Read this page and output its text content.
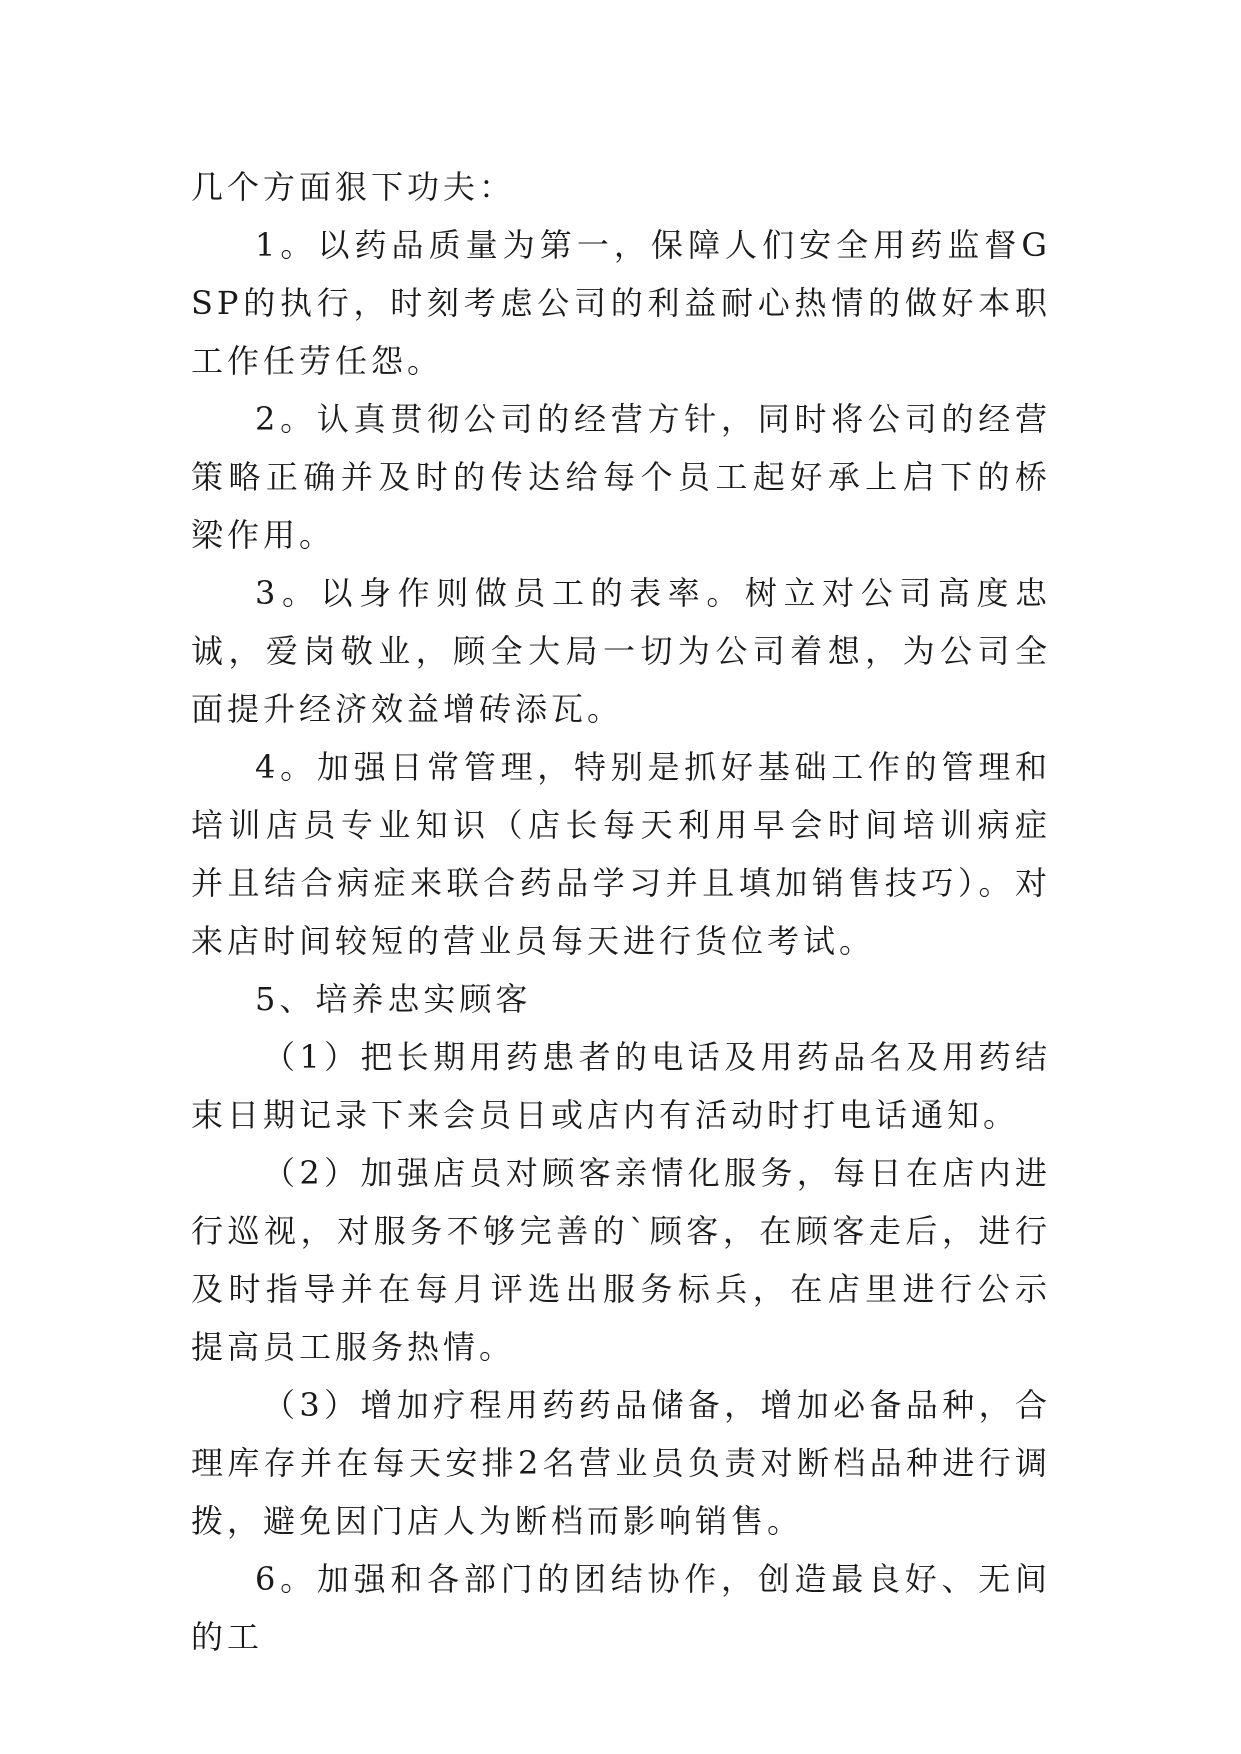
几个方面狠下功夫：

1。以药品质量为第一，保障人们安全用药监督GSP的执行，时刻考虑公司的利益耐心热情的做好本职工作任劳任怨。

2。认真贯彻公司的经营方针，同时将公司的经营策略正确并及时的传达给每个员工起好承上启下的桥梁作用。

3。以身作则做员工的表率。树立对公司高度忠诚，爱岗敬业，顾全大局一切为公司着想，为公司全面提升经济效益增砖添瓦。

4。加强日常管理，特别是抓好基础工作的管理和培训店员专业知识（店长每天利用早会时间培训病症并且结合病症来联合药品学习并且填加销售技巧）。对来店时间较短的营业员每天进行货位考试。

5、培养忠实顾客

（1）把长期用药患者的电话及用药品名及用药结束日期记录下来会员日或店内有活动时打电话通知。

（2）加强店员对顾客亲情化服务，每日在店内进行巡视，对服务不够完善的`顾客，在顾客走后，进行及时指导并在每月评选出服务标兵，在店里进行公示提高员工服务热情。

（3）增加疗程用药药品储备，增加必备品种，合理库存并在每天安排2名营业员负责对断档品种进行调拨，避免因门店人为断档而影响销售。

6。加强和各部门的团结协作，创造最良好、无间的工
